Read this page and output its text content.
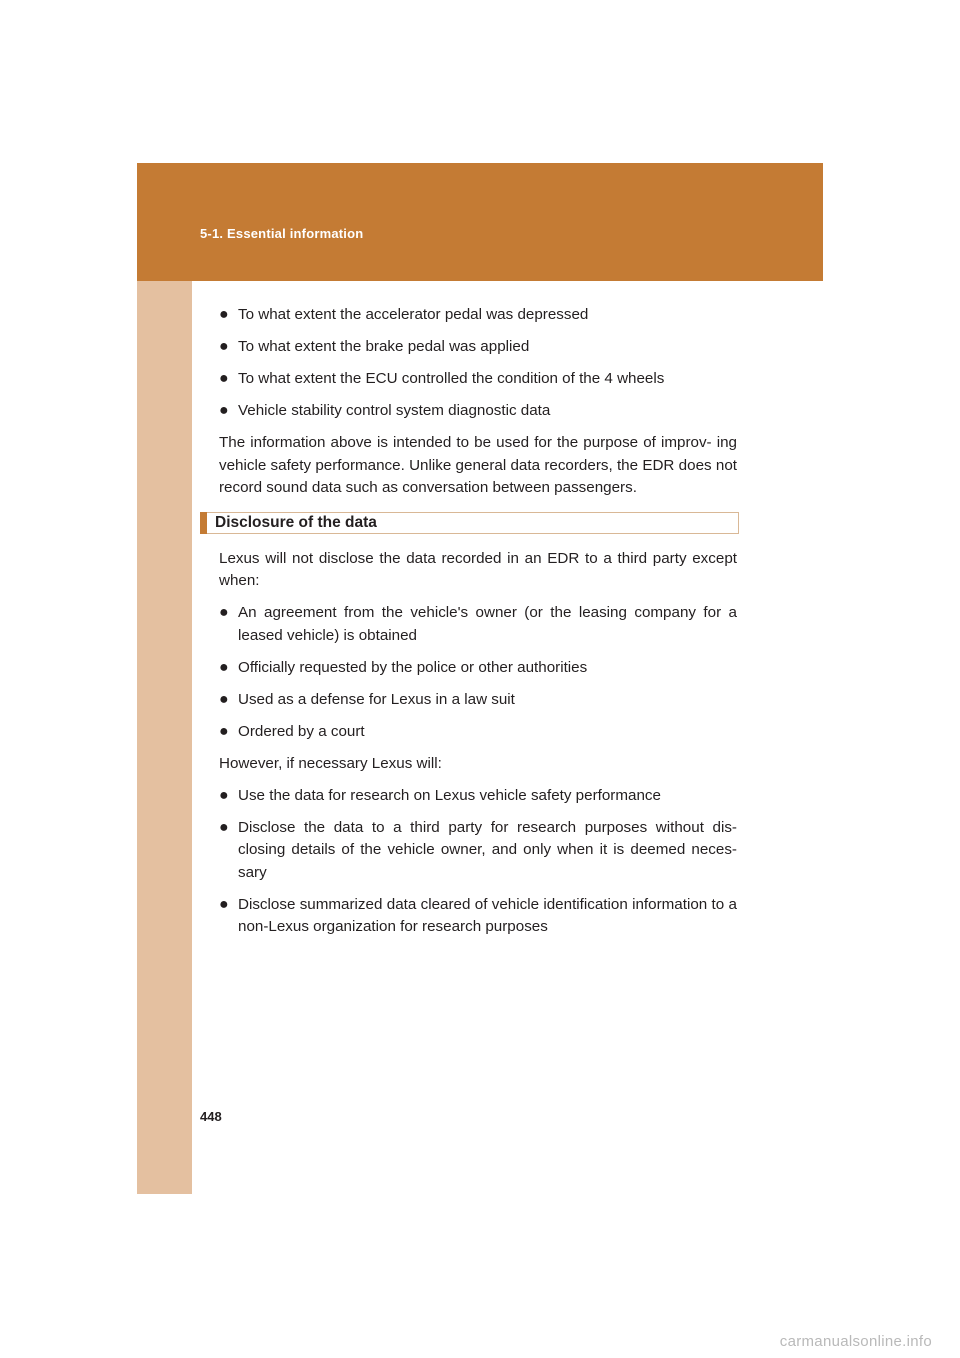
5-1. Essential information
448
● To what extent the accelerator pedal was depressed
● To what extent the brake pedal was applied
● To what extent the ECU controlled the condition of the 4 wheels
● Vehicle stability control system diagnostic data

The information above is intended to be used for the purpose of improv- ing vehicle safety performance. Unlike general data recorders, the EDR does not record sound data such as conversation between passengers.

Disclosure of the data

Lexus will not disclose the data recorded in an EDR to a third party except when:

● An agreement from the vehicle's owner (or the leasing company for a leased vehicle) is obtained
● Officially requested by the police or other authorities
● Used as a defense for Lexus in a law suit
● Ordered by a court

However, if necessary Lexus will:

● Use the data for research on Lexus vehicle safety performance
● Disclose the data to a third party for research purposes without dis- closing details of the vehicle owner, and only when it is deemed neces- sary
● Disclose summarized data cleared of vehicle identification information to a non-Lexus organization for research purposes
carmanualsonline.info
